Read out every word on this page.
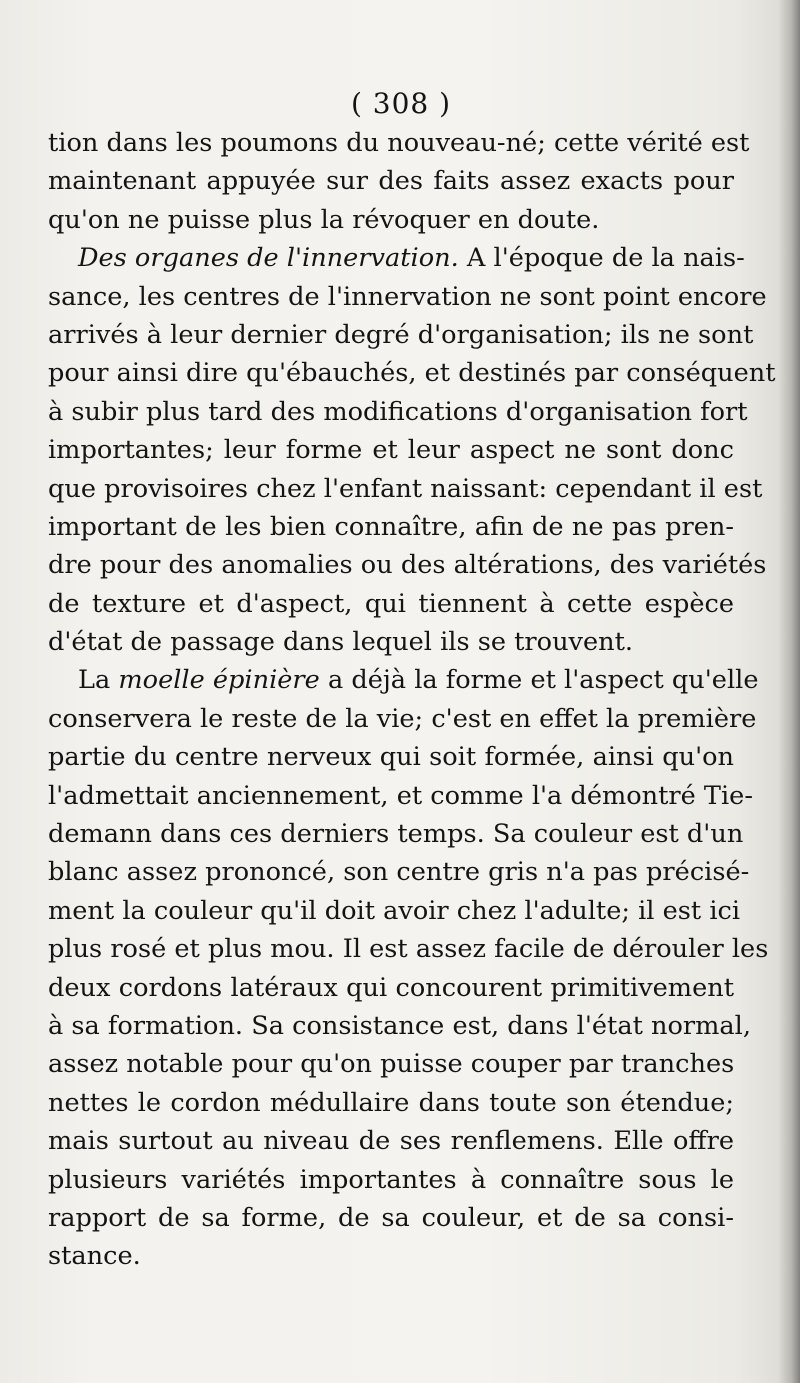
( 308 )
tion dans les poumons du nouveau-né; cette vérité est
maintenant appuyée sur des faits assez exacts pour
qu'on ne puisse plus la révoquer en doute.
Des organes de l'innervation. A l'époque de la nais-
sance, les centres de l'innervation ne sont point encore
arrivés à leur dernier degré d'organisation; ils ne sont
pour ainsi dire qu'ébauchés, et destinés par conséquent
à subir plus tard des modifications d'organisation fort
importantes; leur forme et leur aspect ne sont donc
que provisoires chez l'enfant naissant: cependant il est
important de les bien connaître, afin de ne pas pren-
dre pour des anomalies ou des altérations, des variétés
de texture et d'aspect, qui tiennent à cette espèce
d'état de passage dans lequel ils se trouvent.
La moelle épinière a déjà la forme et l'aspect qu'elle
conservera le reste de la vie; c'est en effet la première
partie du centre nerveux qui soit formée, ainsi qu'on
l'admettait anciennement, et comme l'a démontré Tie-
demann dans ces derniers temps. Sa couleur est d'un
blanc assez prononcé, son centre gris n'a pas précisé-
ment la couleur qu'il doit avoir chez l'adulte; il est ici
plus rosé et plus mou. Il est assez facile de dérouler les
deux cordons latéraux qui concourent primitivement
à sa formation. Sa consistance est, dans l'état normal,
assez notable pour qu'on puisse couper par tranches
nettes le cordon médullaire dans toute son étendue;
mais surtout au niveau de ses renflemens. Elle offre
plusieurs variétés importantes à connaître sous le
rapport de sa forme, de sa couleur, et de sa consi-
stance.
